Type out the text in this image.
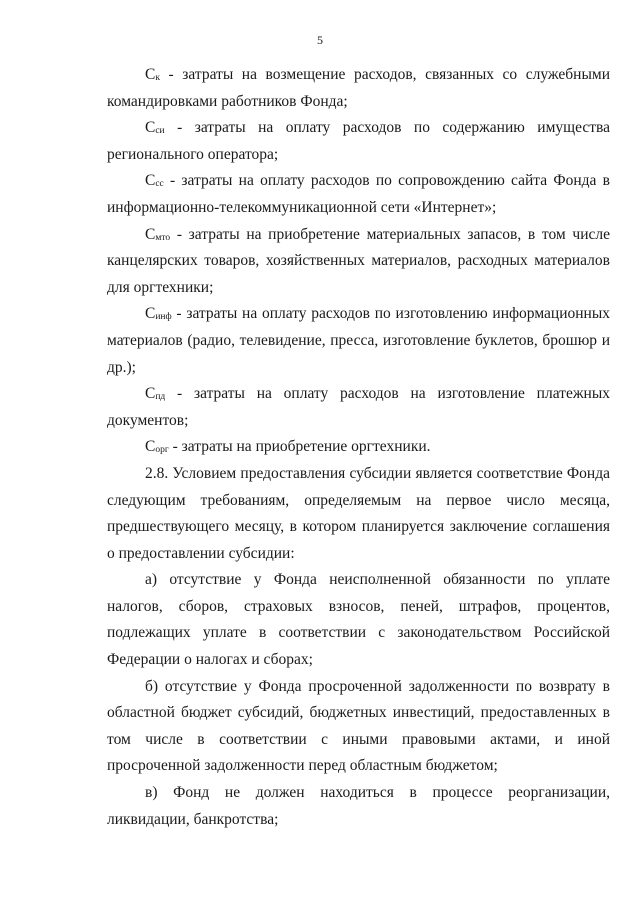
5

$С_к$ - затраты на возмещение расходов, связанных со служебными командировками работников Фонда;

$С_{си}$ - затраты на оплату расходов по содержанию имущества регионального оператора;

$С_{сс}$ - затраты на оплату расходов по сопровождению сайта Фонда в информационно-телекоммуникационной сети «Интернет»;

$С_{мто}$ - затраты на приобретение материальных запасов, в том числе канцелярских товаров, хозяйственных материалов, расходных материалов для оргтехники;

$С_{инф}$ - затраты на оплату расходов по изготовлению информационных материалов (радио, телевидение, пресса, изготовление буклетов, брошюр и др.);

$С_{пд}$ - затраты на оплату расходов на изготовление платежных документов;

$С_{орг}$ - затраты на приобретение оргтехники.

2.8. Условием предоставления субсидии является соответствие Фонда следующим требованиям, определяемым на первое число месяца, предшествующего месяцу, в котором планируется заключение соглашения о предоставлении субсидии:

а) отсутствие у Фонда неисполненной обязанности по уплате налогов, сборов, страховых взносов, пеней, штрафов, процентов, подлежащих уплате в соответствии с законодательством Российской Федерации о налогах и сборах;

б) отсутствие у Фонда просроченной задолженности по возврату в областной бюджет субсидий, бюджетных инвестиций, предоставленных в том числе в соответствии с иными правовыми актами, и иной просроченной задолженности перед областным бюджетом;

в) Фонд не должен находиться в процессе реорганизации, ликвидации, банкротства;
